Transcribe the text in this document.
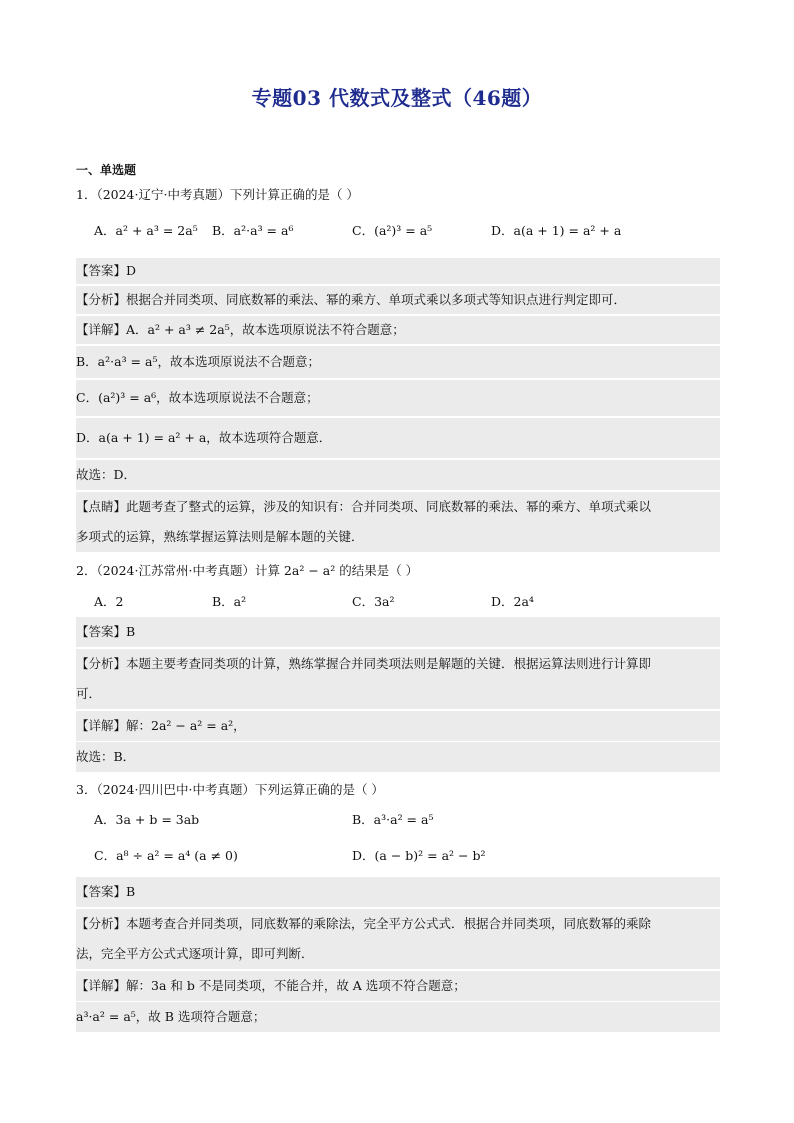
专题03 代数式及整式（46题）
一、单选题
1．（2024·辽宁·中考真题）下列计算正确的是（ ）
A．a² + a³ = 2a⁵ B．a²·a³ = a⁶	C．(a²)³ = a⁵	D．a(a + 1) = a² + a
【答案】D
【分析】根据合并同类项、同底数幂的乘法、幂的乘方、单项式乘以多项式等知识点进行判定即可．
【详解】A．a² + a³ ≠ 2a⁵，故本选项原说法不符合题意；
B．a²·a³ = a⁵，故本选项原说法不合题意；
C．(a²)³ = a⁶，故本选项原说法不合题意；
D．a(a + 1) = a² + a，故本选项符合题意．
故选：D．
【点睛】此题考查了整式的运算，涉及的知识有：合并同类项、同底数幂的乘法、幂的乘方、单项式乘以
多项式的运算，熟练掌握运算法则是解本题的关键．
2．（2024·江苏常州·中考真题）计算 2a² − a² 的结果是（ ）
A．2	B．a²	C．3a²	D．2a⁴
【答案】B
【分析】本题主要考查同类项的计算，熟练掌握合并同类项法则是解题的关键．根据运算法则进行计算即
可．
【详解】解：2a² − a² = a²，
故选：B．
3．（2024·四川巴中·中考真题）下列运算正确的是（ ）
A．3a + b = 3ab	B．a³·a² = a⁵
C．a⁸ ÷ a² = a⁴ (a ≠ 0)	D．(a − b)² = a² − b²
【答案】B
【分析】本题考查合并同类项，同底数幂的乘除法，完全平方公式式．根据合并同类项，同底数幂的乘除
法，完全平方公式式逐项计算，即可判断．
【详解】解：3a 和 b 不是同类项，不能合并，故 A 选项不符合题意；
a³·a² = a⁵，故 B 选项符合题意；
